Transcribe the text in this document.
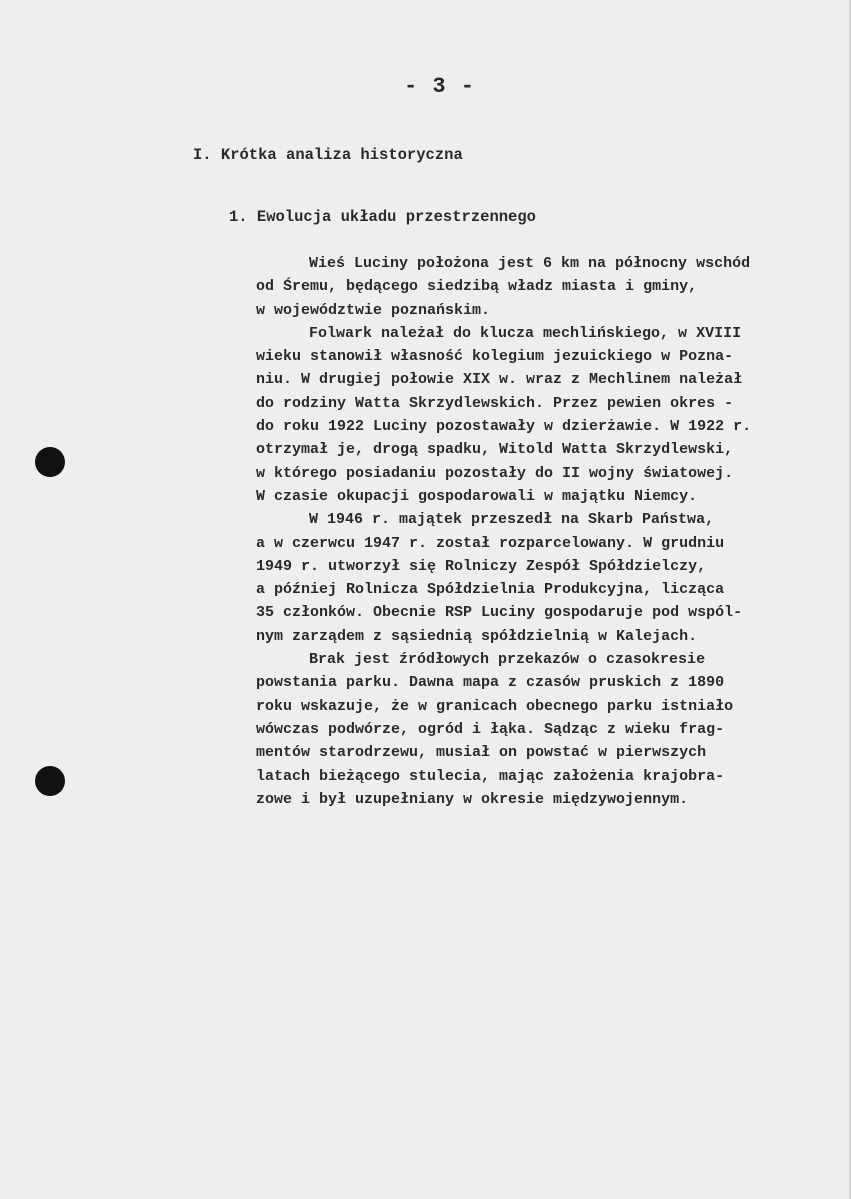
- 3 -
I. Krótka analiza historyczna
1. Ewolucja układu przestrzennego
Wieś Luciny położona jest 6 km na północny wschód
od Śremu, będącego siedzibą władz miasta i gminy,
w województwie poznańskim.
Folwark należał do klucza mechlińskiego, w XVIII
wieku stanowił własność kolegium jezuickiego w Pozna-
niu. W drugiej połowie XIX w. wraz z Mechlinem należał
do rodziny Watta Skrzydlewskich. Przez pewien okres -
do roku 1922 Luciny pozostawały w dzierżawie. W 1922 r.
otrzymał je, drogą spadku, Witold Watta Skrzydlewski,
w którego posiadaniu pozostały do II wojny światowej.
W czasie okupacji gospodarowali w majątku Niemcy.
W 1946 r. majątek przeszedł na Skarb Państwa,
a w czerwcu 1947 r. został rozparcelowany. W grudniu
1949 r. utworzył się Rolniczy Zespół Spółdzielczy,
a później Rolnicza Spółdzielnia Produkcyjna, licząca
35 członków. Obecnie RSP Luciny gospodaruje pod wspól-
nym zarządem z sąsiednią spółdzielnią w Kalejach.
Brak jest źródłowych przekazów o czasokresie
powstania parku. Dawna mapa z czasów pruskich z 1890
roku wskazuje, że w granicach obecnego parku istniało
wówczas podwórze, ogród i łąka. Sądząc z wieku frag-
mentów starodrzewu, musiał on powstać w pierwszych
latach bieżącego stulecia, mając założenia krajobra-
zowe i był uzupełniany w okresie międzywojennym.
